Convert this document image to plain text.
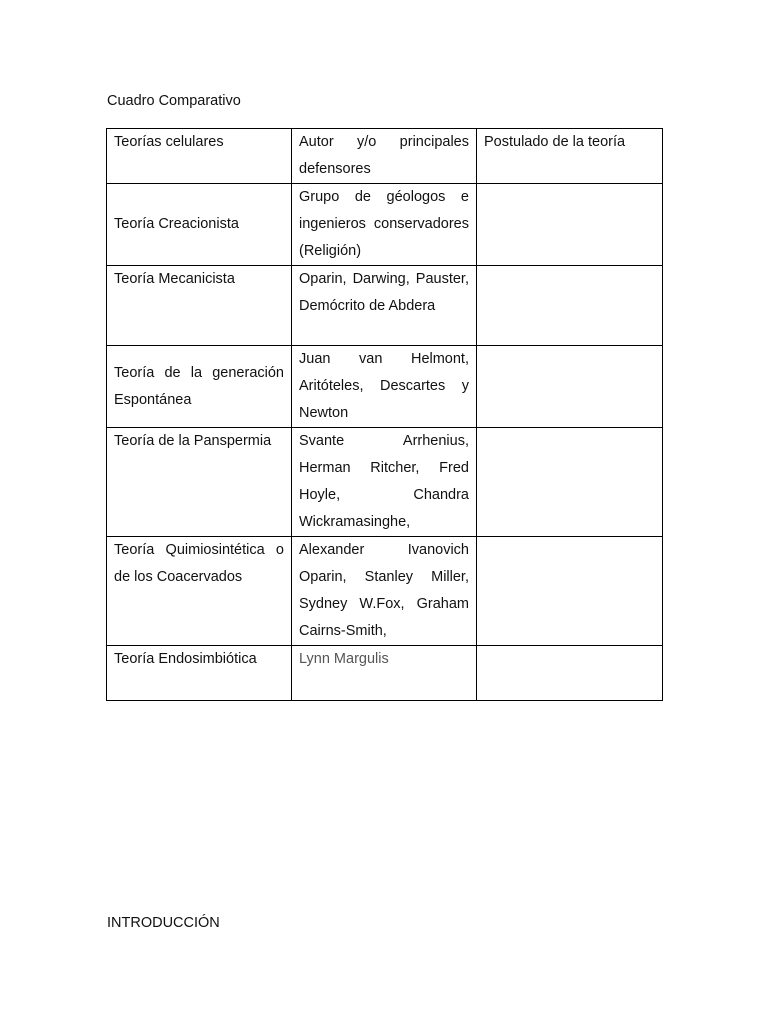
Cuadro Comparativo

Teorías celulares	Autor y/o principales defensores	Postulado de la teoría
Teoría Creacionista	Grupo de géologos e ingenieros conservadores (Religión)	
Teoría Mecanicista	Oparin, Darwing, Pauster, Demócrito de Abdera	
Teoría de la generación Espontánea	Juan van Helmont, Aritóteles, Descartes y Newton	
Teoría de la Panspermia	Svante Arrhenius, Herman Ritcher, Fred Hoyle, Chandra Wickramasinghe,	
Teoría Quimiosintética o de los Coacervados	Alexander Ivanovich Oparin, Stanley Miller, Sydney W.Fox, Graham Cairns-Smith,	
Teoría Endosimbiótica	Lynn Margulis	

INTRODUCCIÓN
